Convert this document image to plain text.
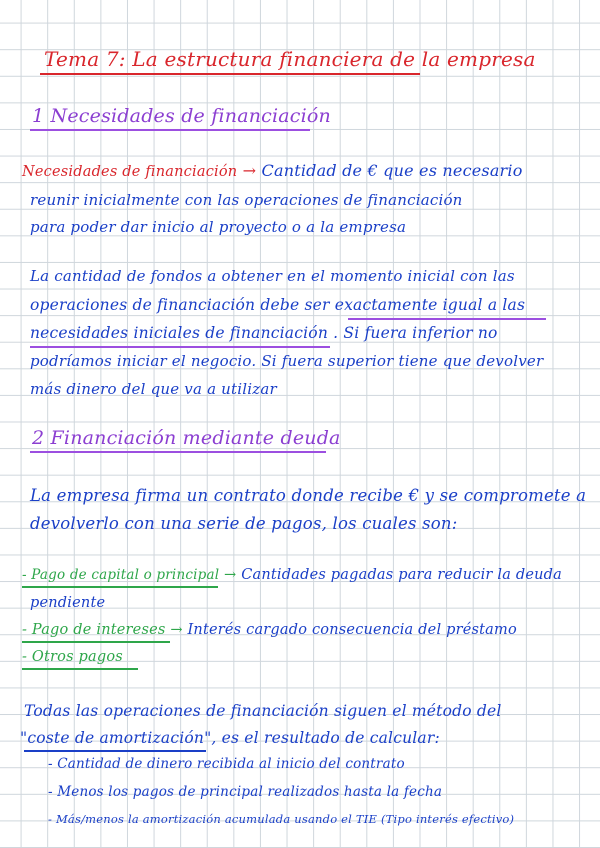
Tema 7: La estructura financiera de la empresa
1 Necesidades de financiación
Necesidades de financiación → Cantidad de € que es necesario
reunir inicialmente con las operaciones de financiación
para poder dar inicio al proyecto o a la empresa
La cantidad de fondos a obtener en el momento inicial con las
operaciones de financiación debe ser exactamente igual a las
necesidades iniciales de financiación . Si fuera inferior no
podríamos iniciar el negocio. Si fuera superior tiene que devolver
más dinero del que va a utilizar
2 Financiación mediante deuda
La empresa firma un contrato donde recibe € y se compromete a
devolverlo con una serie de pagos, los cuales son:
- Pago de capital o principal → Cantidades pagadas para reducir la deuda
pendiente
- Pago de intereses → Interés cargado consecuencia del préstamo
- Otros pagos
Todas las operaciones de financiación siguen el método del
"coste de amortización", es el resultado de calcular:
- Cantidad de dinero recibida al inicio del contrato
- Menos los pagos de principal realizados hasta la fecha
- Más/menos la amortización acumulada usando el TIE (Tipo interés efectivo)
